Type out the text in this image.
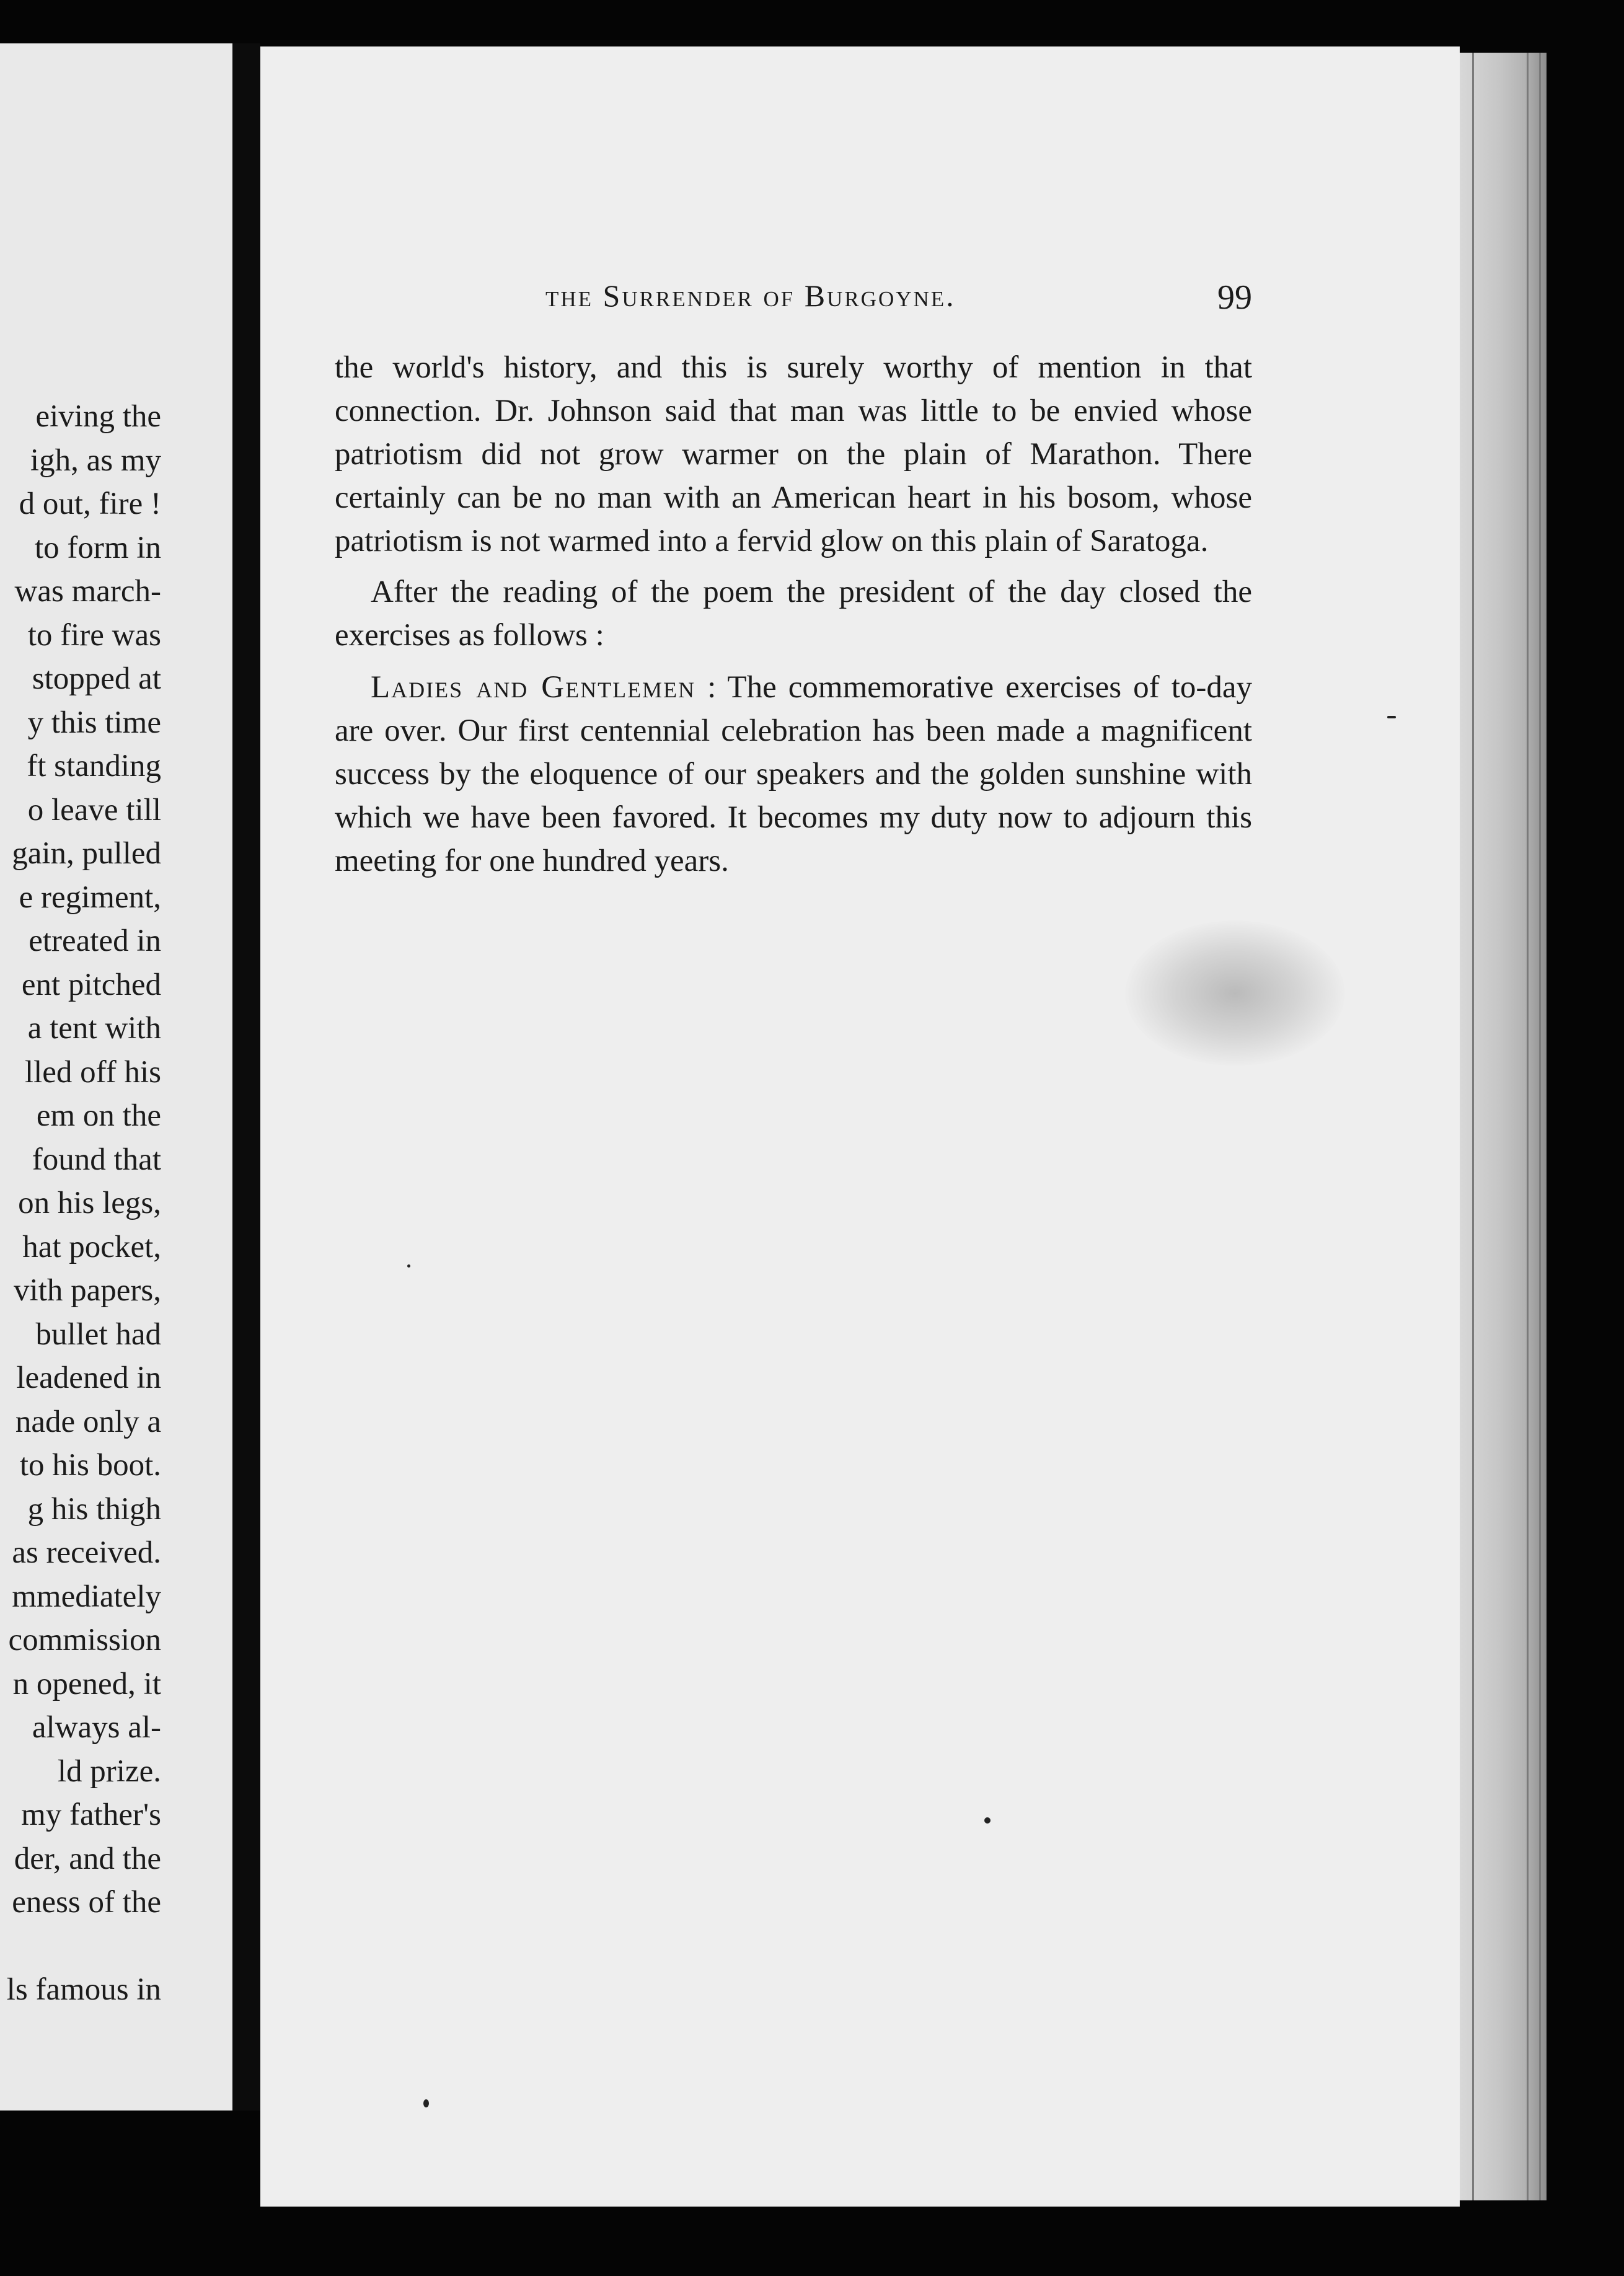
eiving the
igh, as my
d out, fire !
to form in
was march-
to fire was
stopped at
y this time
ft standing
o leave till
gain, pulled
e regiment,
etreated in
ent pitched
a tent with
lled off his
em on the
found that
on his legs,
hat pocket,
vith papers,
bullet had
leadened in
nade only a
to his boot.
g his thigh
as received.
mmediately
commission
n opened, it
always al-
ld prize.
my father's
der, and the
eness of the
ls famous in
the Surrender of Burgoyne.	99

the world's history, and this is surely worthy of mention in that connection. Dr. Johnson said that man was little to be envied whose patriotism did not grow warmer on the plain of Marathon. There certainly can be no man with an American heart in his bosom, whose patriotism is not warmed into a fervid glow on this plain of Saratoga.

After the reading of the poem the president of the day closed the exercises as follows :

Ladies and Gentlemen : The commemorative exercises of to-day are over. Our first centennial celebration has been made a magnificent success by the eloquence of our speakers and the golden sunshine with which we have been favored. It becomes my duty now to adjourn this meeting for one hundred years.
